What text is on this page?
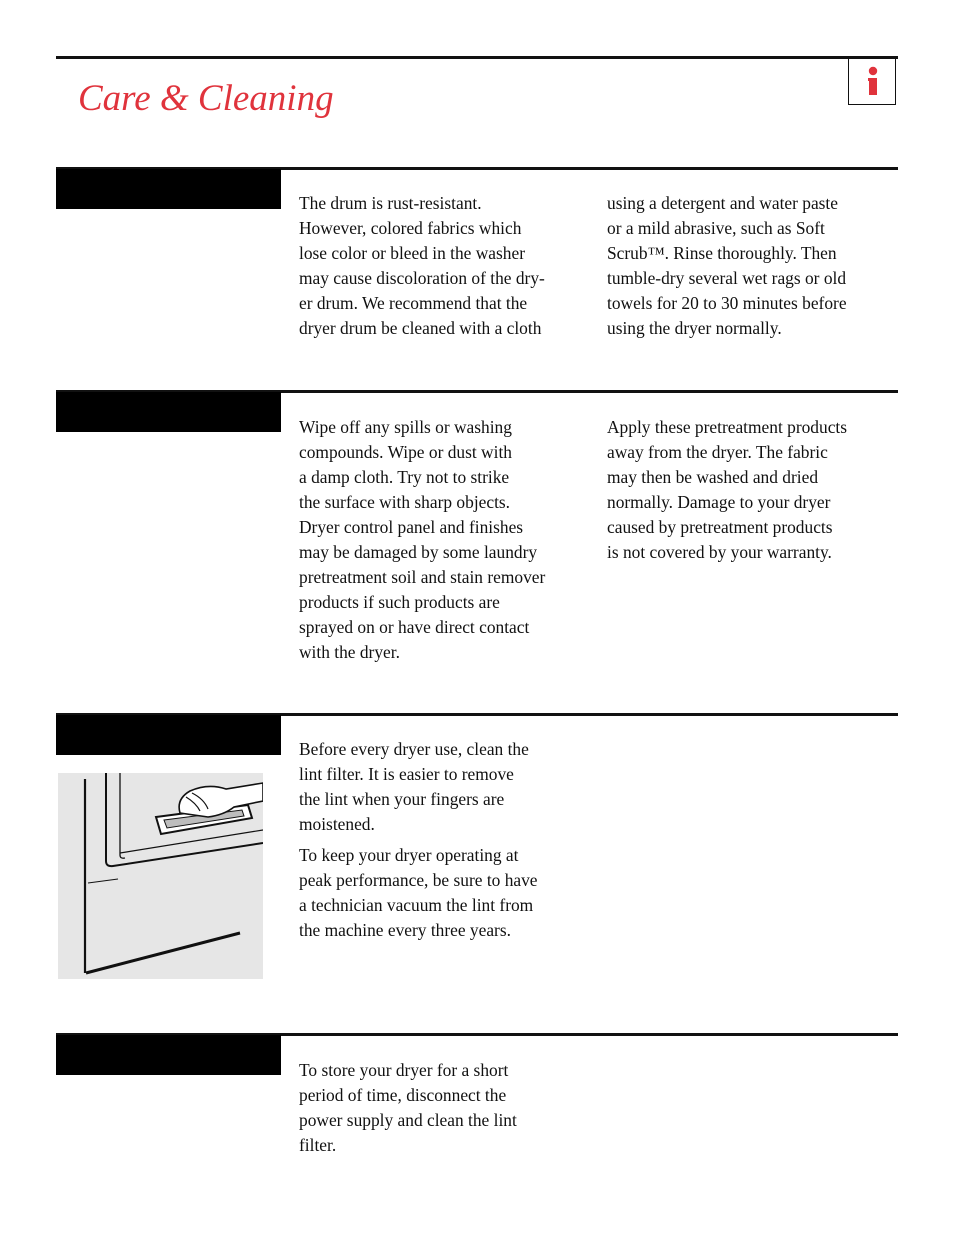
Care & Cleaning
The drum is rust-resistant.
However, colored fabrics which
lose color or bleed in the washer
may cause discoloration of the dry-
er drum. We recommend that the
dryer drum be cleaned with a cloth
using a detergent and water paste
or a mild abrasive, such as Soft
Scrub™. Rinse thoroughly. Then
tumble-dry several wet rags or old
towels for 20 to 30 minutes before
using the dryer normally.
Wipe off any spills or washing
compounds. Wipe or dust with
a damp cloth. Try not to strike
the surface with sharp objects.
Dryer control panel and finishes
may be damaged by some laundry
pretreatment soil and stain remover
products if such products are
sprayed on or have direct contact
with the dryer.
Apply these pretreatment products
away from the dryer. The fabric
may then be washed and dried
normally. Damage to your dryer
caused by pretreatment products
is not covered by your warranty.
Before every dryer use, clean the
lint filter. It is easier to remove
the lint when your fingers are
moistened.
To keep your dryer operating at
peak performance, be sure to have
a technician vacuum the lint from
the machine every three years.
To store your dryer for a short
period of time, disconnect the
power supply and clean the lint
filter.
